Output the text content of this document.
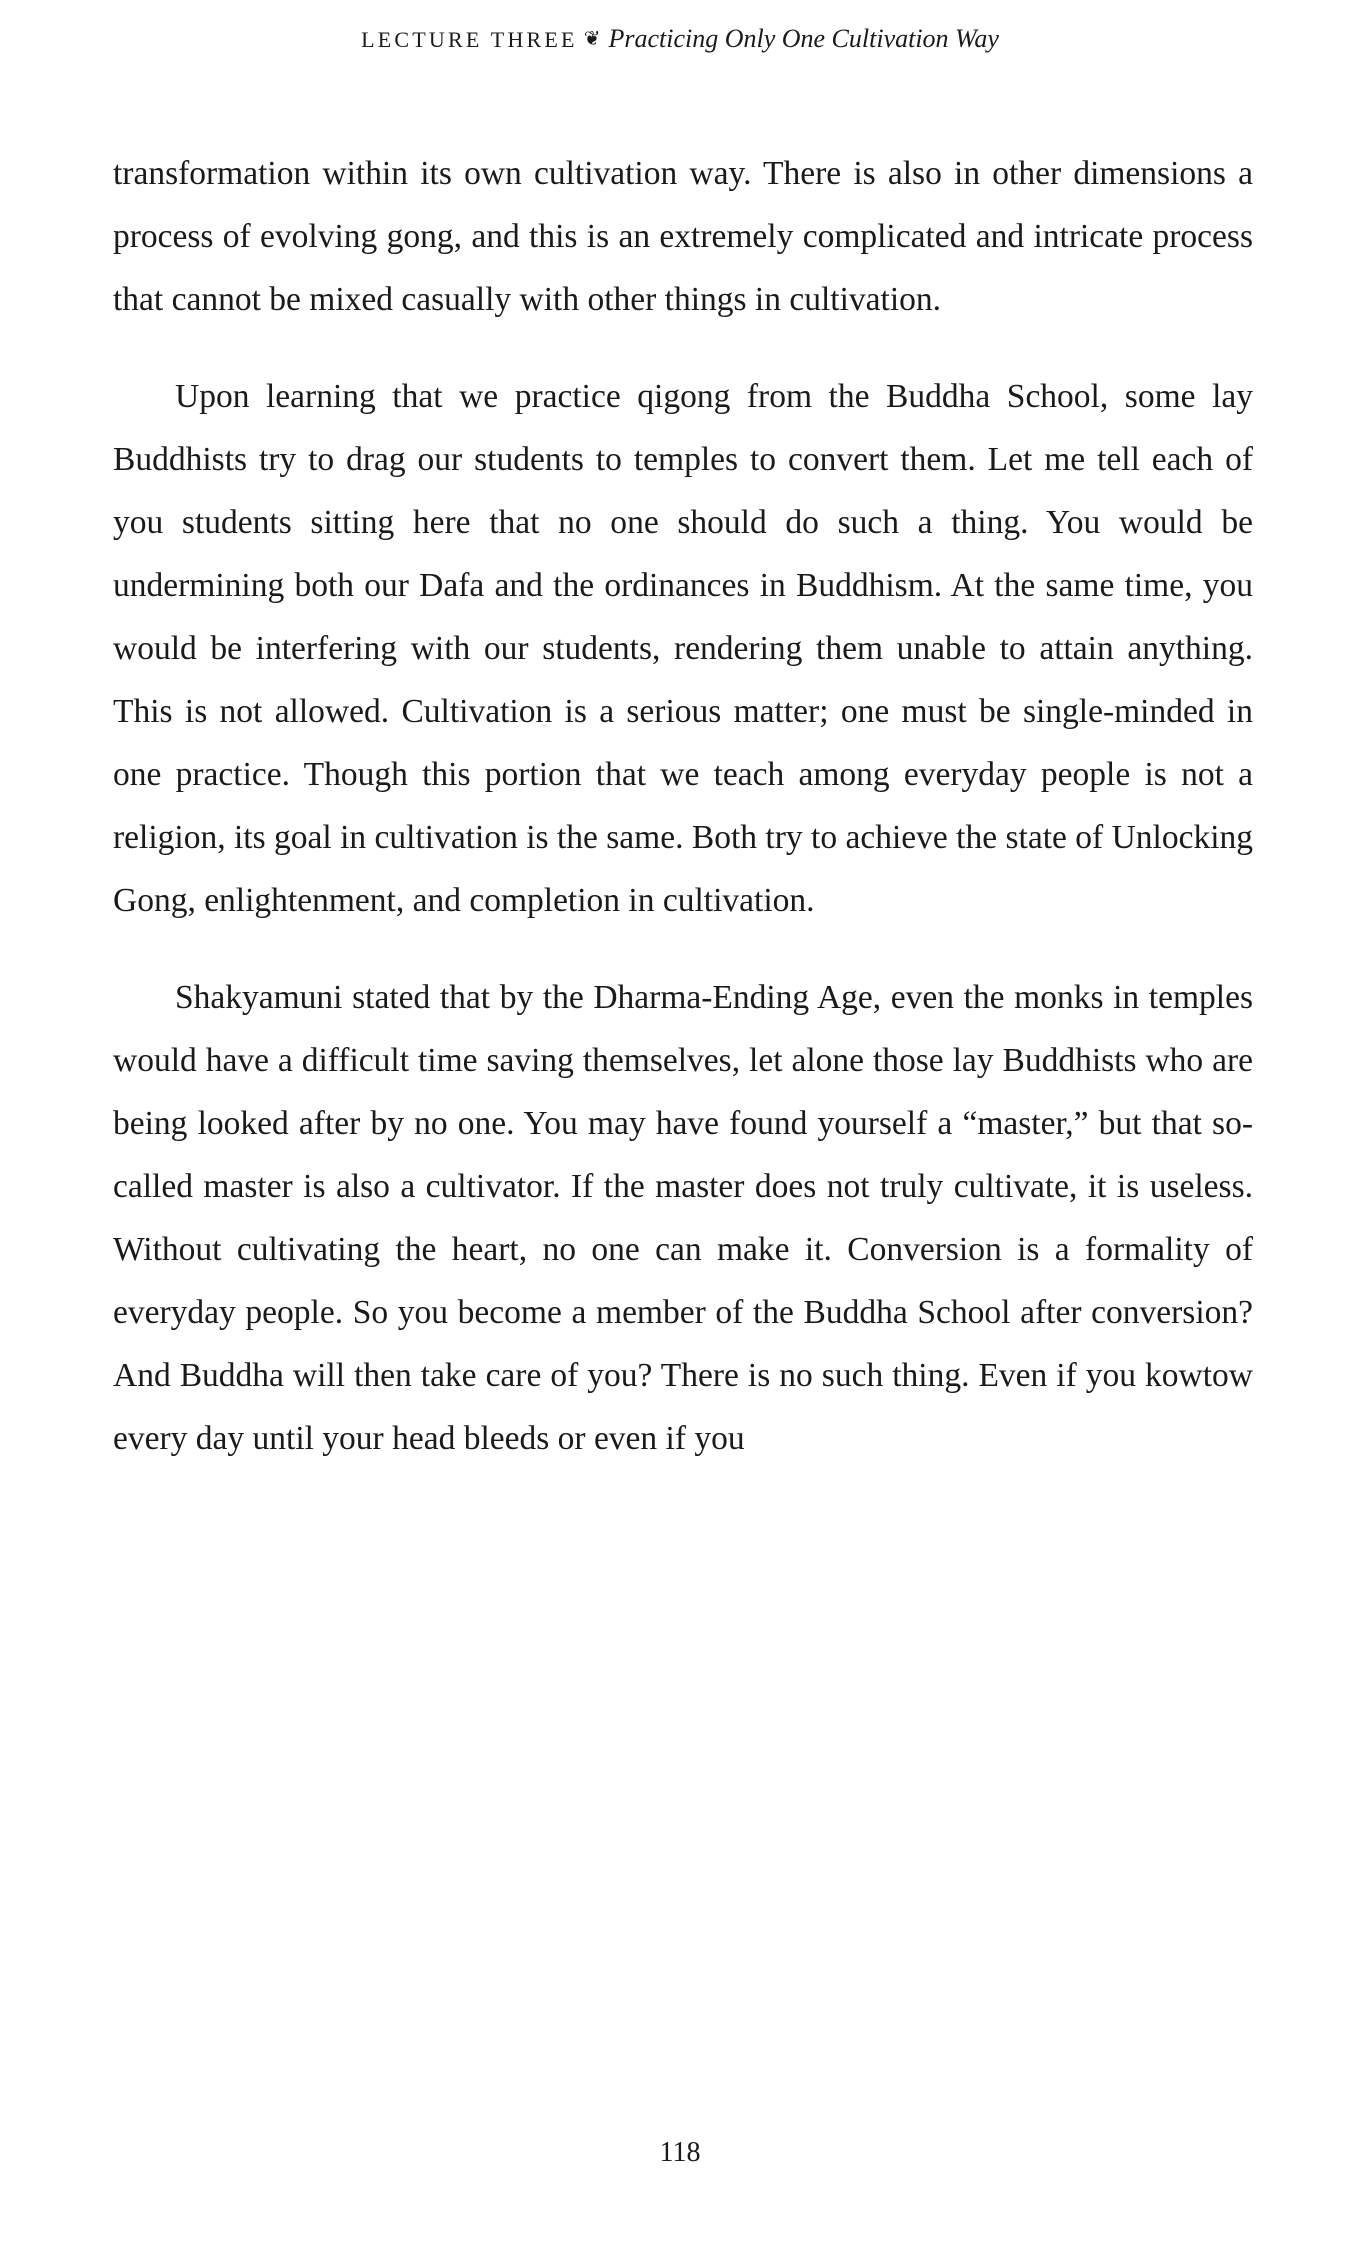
LECTURE THREE ❦ Practicing Only One Cultivation Way

transformation within its own cultivation way. There is also in other dimensions a process of evolving gong, and this is an extremely complicated and intricate process that cannot be mixed casually with other things in cultivation.

Upon learning that we practice qigong from the Buddha School, some lay Buddhists try to drag our students to temples to convert them. Let me tell each of you students sitting here that no one should do such a thing. You would be undermining both our Dafa and the ordinances in Buddhism. At the same time, you would be interfering with our students, rendering them unable to attain anything. This is not allowed. Cultivation is a serious matter; one must be single-minded in one practice. Though this portion that we teach among everyday people is not a religion, its goal in cultivation is the same. Both try to achieve the state of Unlocking Gong, enlightenment, and completion in cultivation.

Shakyamuni stated that by the Dharma-Ending Age, even the monks in temples would have a difficult time saving themselves, let alone those lay Buddhists who are being looked after by no one. You may have found yourself a “master,” but that so-called master is also a cultivator. If the master does not truly cultivate, it is useless. Without cultivating the heart, no one can make it. Conversion is a formality of everyday people. So you become a member of the Buddha School after conversion? And Buddha will then take care of you? There is no such thing. Even if you kowtow every day until your head bleeds or even if you

118
